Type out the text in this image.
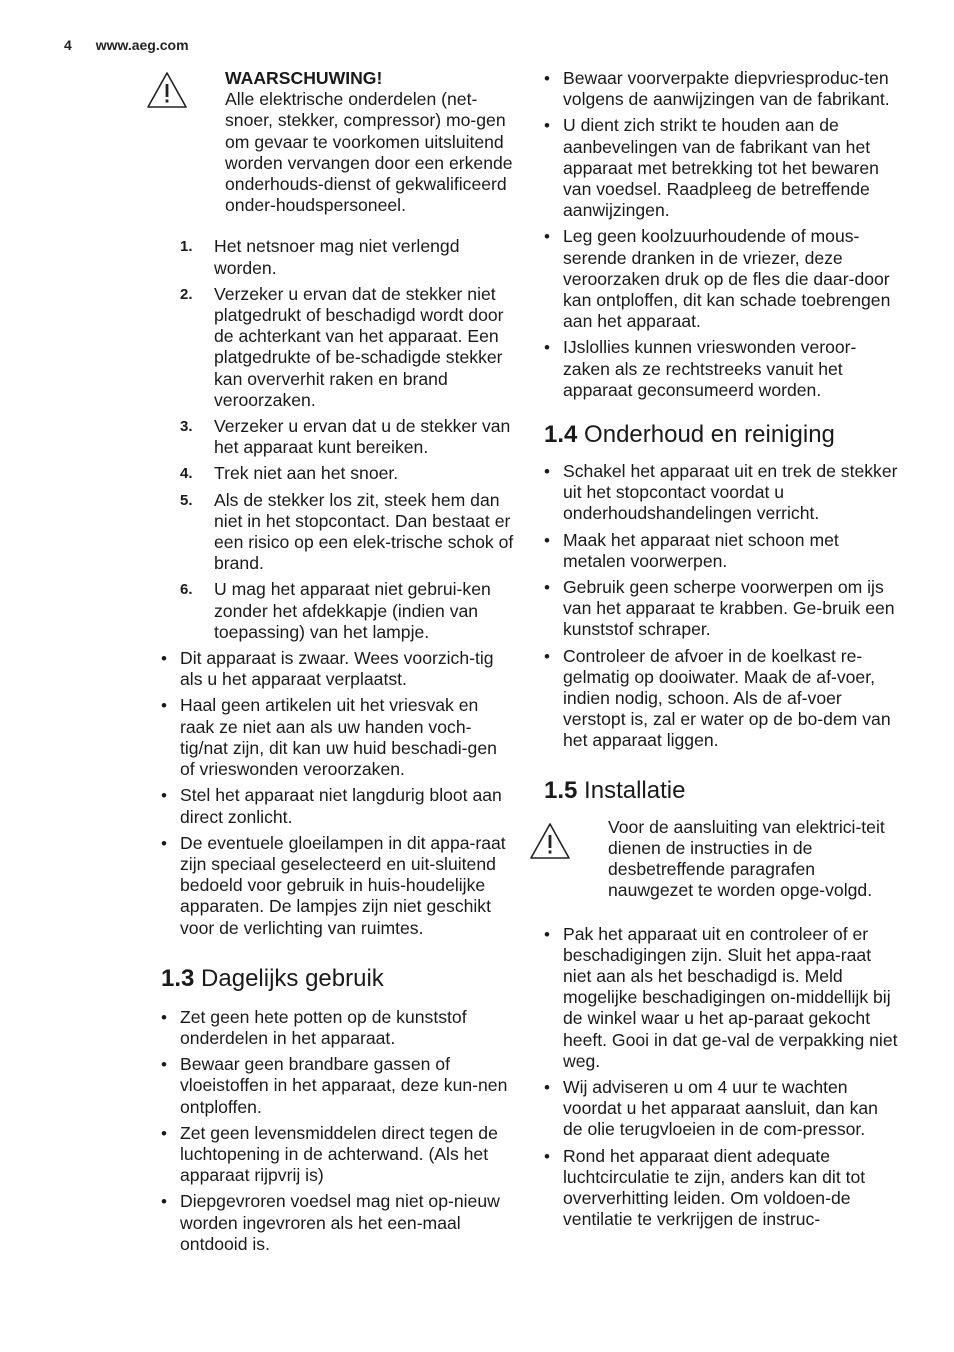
4 www.aeg.com
WAARSCHUWING!
Alle elektrische onderdelen (net-snoer, stekker, compressor) mo-gen om gevaar te voorkomen uitsluitend worden vervangen door een erkende onderhouds-dienst of gekwalificeerd onder-houdspersoneel.
1. Het netsnoer mag niet verlengd worden.
2. Verzeker u ervan dat de stekker niet platgedrukt of beschadigd wordt door de achterkant van het apparaat. Een platgedrukte of be-schadigde stekker kan oververhit raken en brand veroorzaken.
3. Verzeker u ervan dat u de stekker van het apparaat kunt bereiken.
4. Trek niet aan het snoer.
5. Als de stekker los zit, steek hem dan niet in het stopcontact. Dan bestaat er een risico op een elek-trische schok of brand.
6. U mag het apparaat niet gebrui-ken zonder het afdekkapje (indien van toepassing) van het lampje.
• Dit apparaat is zwaar. Wees voorzich-tig als u het apparaat verplaatst.
• Haal geen artikelen uit het vriesvak en raak ze niet aan als uw handen voch-tig/nat zijn, dit kan uw huid beschadi-gen of vrieswonden veroorzaken.
• Stel het apparaat niet langdurig bloot aan direct zonlicht.
• De eventuele gloeilampen in dit appa-raat zijn speciaal geselecteerd en uit-sluitend bedoeld voor gebruik in huis-houdelijke apparaten. De lampjes zijn niet geschikt voor de verlichting van ruimtes.
1.3 Dagelijks gebruik
• Zet geen hete potten op de kunststof onderdelen in het apparaat.
• Bewaar geen brandbare gassen of vloeistoffen in het apparaat, deze kun-nen ontploffen.
• Zet geen levensmiddelen direct tegen de luchtopening in de achterwand. (Als het apparaat rijpvrij is)
• Diepgevroren voedsel mag niet op-nieuw worden ingevroren als het een-maal ontdooid is.
• Bewaar voorverpakte diepvriesproduc-ten volgens de aanwijzingen van de fabrikant.
• U dient zich strikt te houden aan de aanbevelingen van de fabrikant van het apparaat met betrekking tot het bewaren van voedsel. Raadpleeg de betreffende aanwijzingen.
• Leg geen koolzuurhoudende of mous-serende dranken in de vriezer, deze veroorzaken druk op de fles die daar-door kan ontploffen, dit kan schade toebrengen aan het apparaat.
• IJslollies kunnen vrieswonden veroor-zaken als ze rechtstreeks vanuit het apparaat geconsumeerd worden.
1.4 Onderhoud en reiniging
• Schakel het apparaat uit en trek de stekker uit het stopcontact voordat u onderhoudshandelingen verricht.
• Maak het apparaat niet schoon met metalen voorwerpen.
• Gebruik geen scherpe voorwerpen om ijs van het apparaat te krabben. Ge-bruik een kunststof schraper.
• Controleer de afvoer in de koelkast re-gelmatig op dooiwater. Maak de af-voer, indien nodig, schoon. Als de af-voer verstopt is, zal er water op de bo-dem van het apparaat liggen.
1.5 Installatie
Voor de aansluiting van elektrici-teit dienen de instructies in de desbetreffende paragrafen nauwgezet te worden opge-volgd.
• Pak het apparaat uit en controleer of er beschadigingen zijn. Sluit het appa-raat niet aan als het beschadigd is. Meld mogelijke beschadigingen on-middellijk bij de winkel waar u het ap-paraat gekocht heeft. Gooi in dat ge-val de verpakking niet weg.
• Wij adviseren u om 4 uur te wachten voordat u het apparaat aansluit, dan kan de olie terugvloeien in de com-pressor.
• Rond het apparaat dient adequate luchtcirculatie te zijn, anders kan dit tot oververhitting leiden. Om voldoen-de ventilatie te verkrijgen de instruc-
